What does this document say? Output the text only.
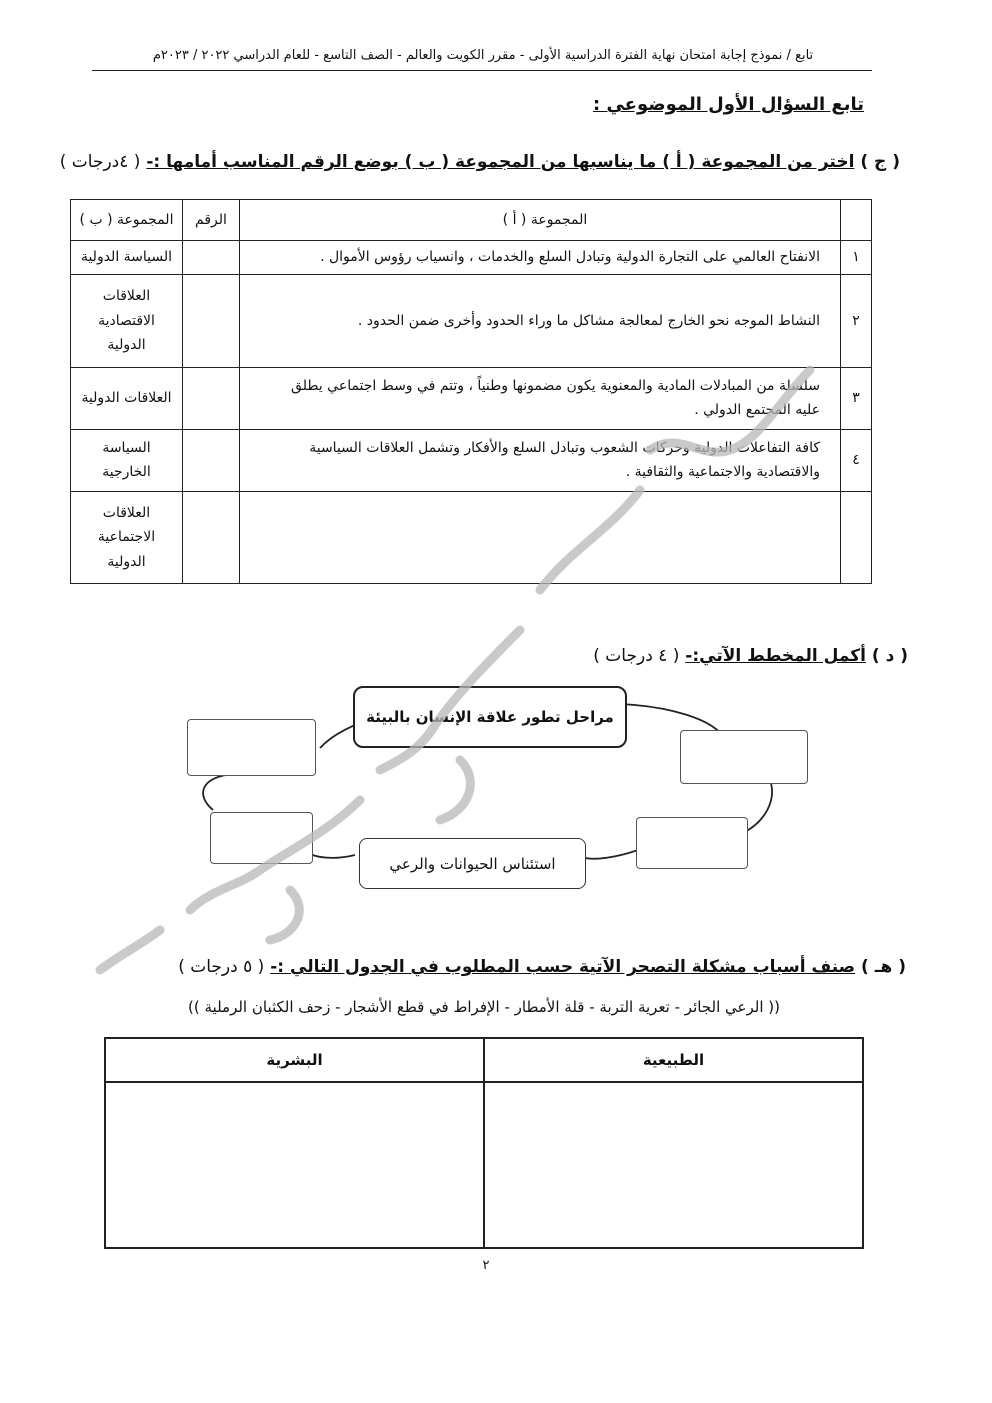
تابع / نموذج إجابة امتحان نهاية الفترة الدراسية الأولى - مقرر الكويت والعالم - الصف التاسع - للعام الدراسي ٢٠٢٢ / ٢٠٢٣م
تابع السؤال الأول الموضوعي :
( ج ) اختر من المجموعة ( أ ) ما يناسبها من المجموعة ( ب ) بوضع الرقم المناسب أمامها :- ( ٤درجات )
	المجموعة ( أ )	الرقم	المجموعة ( ب )
١	الانفتاح العالمي على التجارة الدولية وتبادل السلع والخدمات ، وانسياب رؤوس الأموال .		السياسة الدولية
٢	النشاط الموجه نحو الخارج لمعالجة مشاكل ما وراء الحدود وأخرى ضمن الحدود .		العلاقات الاقتصادية الدولية
٣	سلسلة من المبادلات المادية والمعنوية يكون مضمونها وطنياً ، وتتم في وسط اجتماعي يطلق عليه المجتمع الدولي .		العلاقات الدولية
٤	كافة التفاعلات الدولية وحركات الشعوب وتبادل السلع والأفكار وتشمل العلاقات السياسية والاقتصادية والاجتماعية والثقافية .		السياسة الخارجية
			العلاقات الاجتماعية الدولية
( د ) أكمل المخطط الآتي:- ( ٤ درجات )
مراحل تطور علاقة الإنسان بالبيئة
استئناس الحيوانات والرعي
( هـ ) صنف أسباب مشكلة التصحر الآتية حسب المطلوب في الجدول التالي :- ( ٥ درجات )
(( الرعي الجائر - تعرية التربة - قلة الأمطار - الإفراط في قطع الأشجار - زحف الكثبان الرملية ))
الطبيعية	البشرية

٢
